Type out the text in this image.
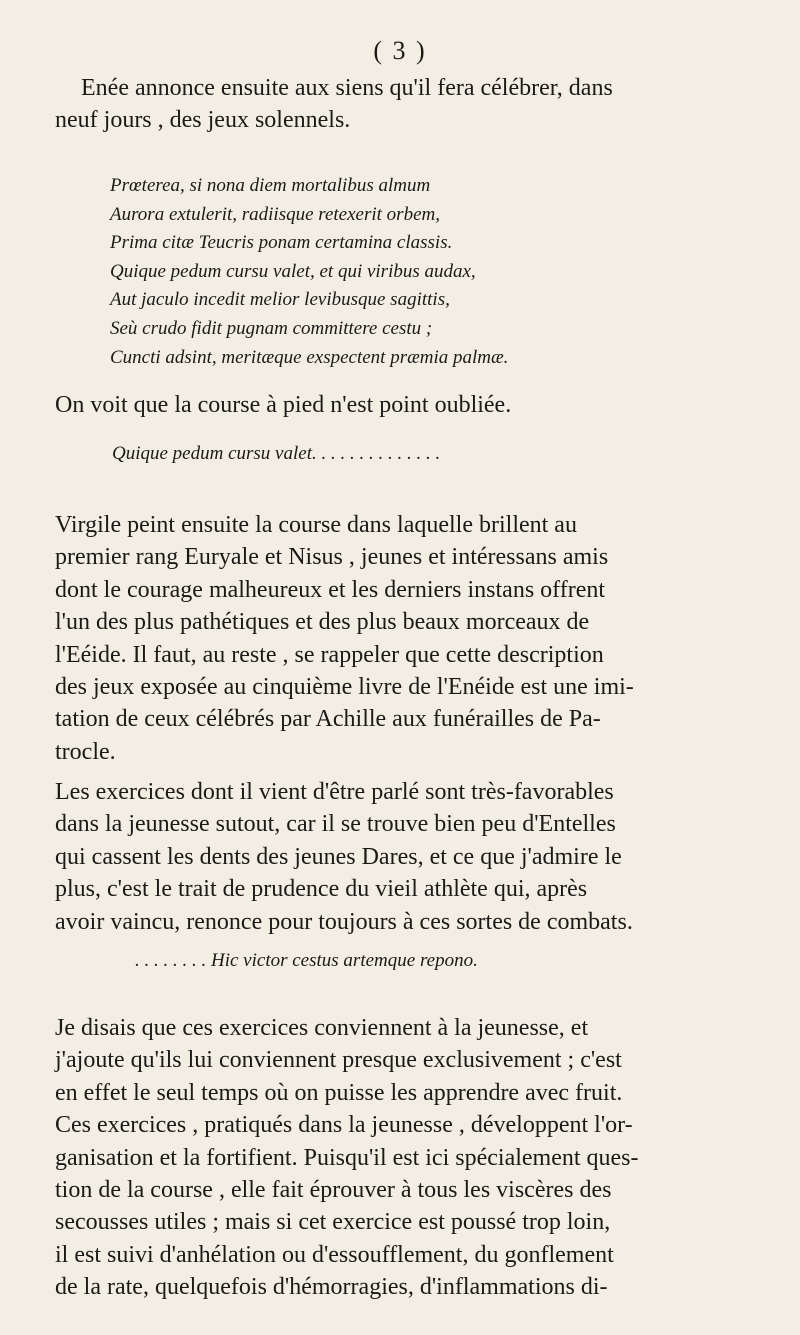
( 3 )

Enée annonce ensuite aux siens qu'il fera célébrer, dans
neuf jours , des jeux solennels.

Prœterea, si nona diem mortalibus almum
Aurora extulerit, radiisque retexerit orbem,
Prima citæ Teucris ponam certamina classis.
Quique pedum cursu valet, et qui viribus audax,
Aut jaculo incedit melior levibusque sagittis,
Seù crudo fidit pugnam committere cestu ;
Cuncti adsint, meritæque exspectent præmia palmæ.

On voit que la course à pied n'est point oubliée.

Quique pedum cursu valet. . . . . . . . . . . . . .

Virgile peint ensuite la course dans laquelle brillent au
premier rang Euryale et Nisus , jeunes et intéressans amis
dont le courage malheureux et les derniers instans offrent
l'un des plus pathétiques et des plus beaux morceaux de
l'Eéide. Il faut, au reste , se rappeler que cette description
des jeux exposée au cinquième livre de l'Enéide est une imi-
tation de ceux célébrés par Achille aux funérailles de Pa-
trocle.

Les exercices dont il vient d'être parlé sont très-favorables
dans la jeunesse sutout, car il se trouve bien peu d'Entelles
qui cassent les dents des jeunes Dares, et ce que j'admire le
plus, c'est le trait de prudence du vieil athlète qui, après
avoir vaincu, renonce pour toujours à ces sortes de combats.

. . . . . . . . Hic victor cestus artemque repono.

Je disais que ces exercices conviennent à la jeunesse, et
j'ajoute qu'ils lui conviennent presque exclusivement ; c'est
en effet le seul temps où on puisse les apprendre avec fruit.
Ces exercices , pratiqués dans la jeunesse , développent l'or-
ganisation et la fortifient. Puisqu'il est ici spécialement ques-
tion de la course , elle fait éprouver à tous les viscères des
secousses utiles ; mais si cet exercice est poussé trop loin,
il est suivi d'anhélation ou d'essoufflement, du gonflement
de la rate, quelquefois d'hémorragies, d'inflammations di-
